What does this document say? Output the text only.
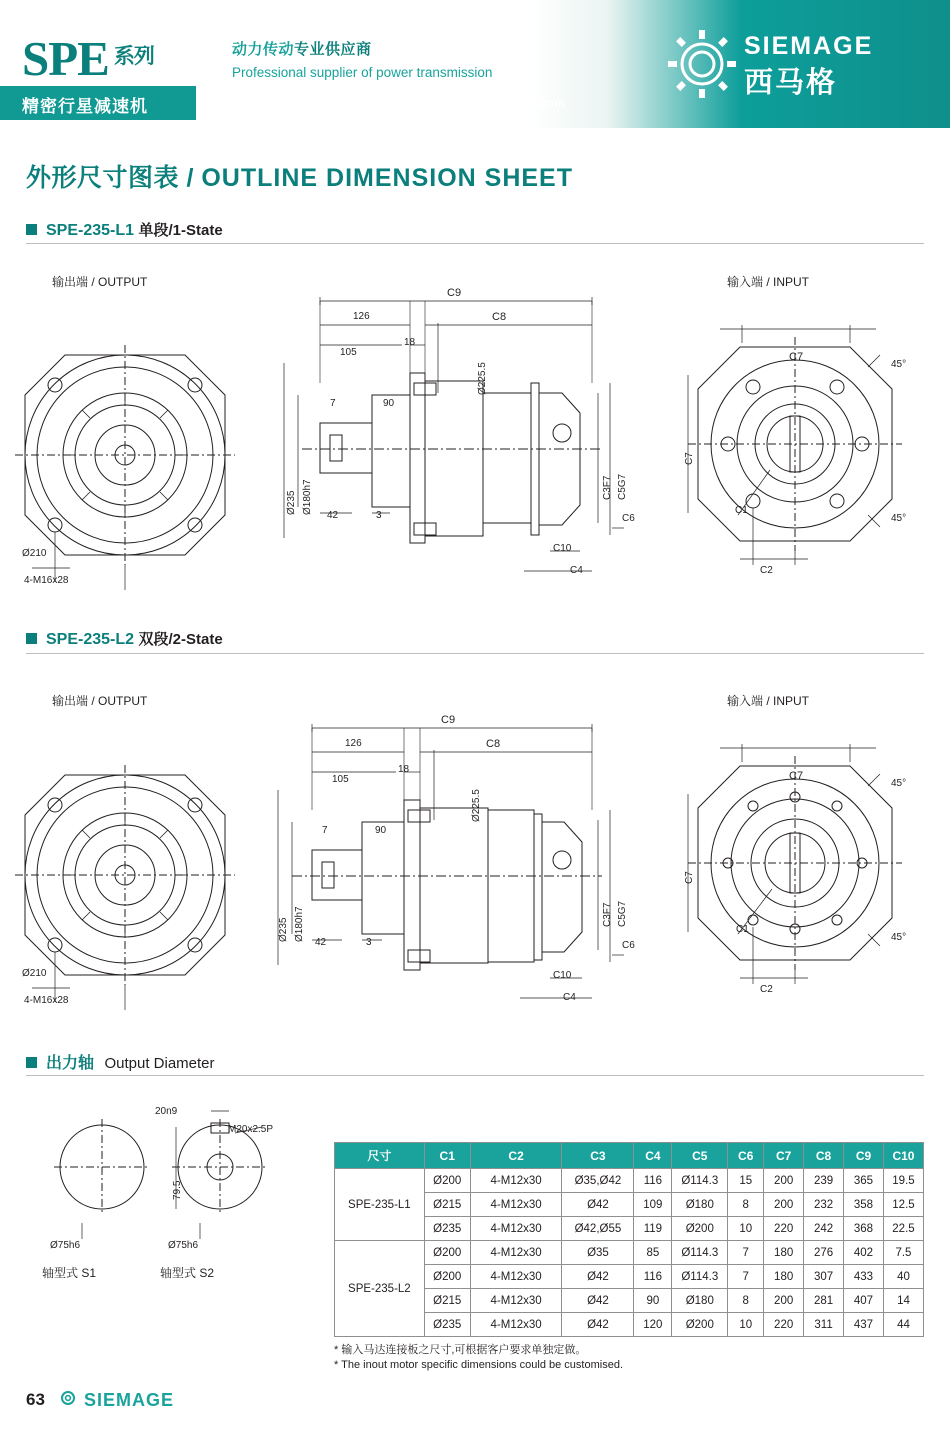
SPE $^{系列}$
精密行星减速机
动力传动专业供应商
Professional supplier of power transmission
致力智造塑造传动精品	www.siemage.com
SIEMAGE
西马格
外形尺寸图表 / OUTLINE DIMENSION SHEET
SPE-235-L1 单段/1-State
输出端 / OUTPUT	输入端 / INPUT
Ø210
4-M16x28
C9
C8
126
105
18
90
7
42	3
Ø235 Ø180h7
Ø225.5
C3F7 C5G7
C6
C10
C4
C7
C7
C1
C2
45°
45°
SPE-235-L2 双段/2-State
输出端 / OUTPUT	输入端 / INPUT
Ø210
4-M16x28
C9
C8
126
105
18
90
7
42	3
Ø235 Ø180h7
Ø225.5
C3F7 C5G7
C6
C10
C4
C7
C7
C1
C2
45°
45°
出力轴 Output Diameter
Ø75h6	Ø75h6
轴型式 S1	轴型式 S2
20n9
M20x2.5P
79.5
尺寸	C1	C2	C3	C4	C5	C6	C7	C8	C9	C10
SPE-235-L1	Ø200	4-M12x30	Ø35,Ø42	116	Ø114.3	15	200	239	365	19.5
	Ø215	4-M12x30	Ø42	109	Ø180	8	200	232	358	12.5
	Ø235	4-M12x30	Ø42,Ø55	119	Ø200	10	220	242	368	22.5
SPE-235-L2	Ø200	4-M12x30	Ø35	85	Ø114.3	7	180	276	402	7.5
	Ø200	4-M12x30	Ø42	116	Ø114.3	7	180	307	433	40
	Ø215	4-M12x30	Ø42	90	Ø180	8	200	281	407	14
	Ø235	4-M12x30	Ø42	120	Ø200	10	220	311	437	44
* 输入马达连接板之尺寸,可根据客户要求单独定做。
* The inout motor specific dimensions could be customised.
63 SIEMAGE
